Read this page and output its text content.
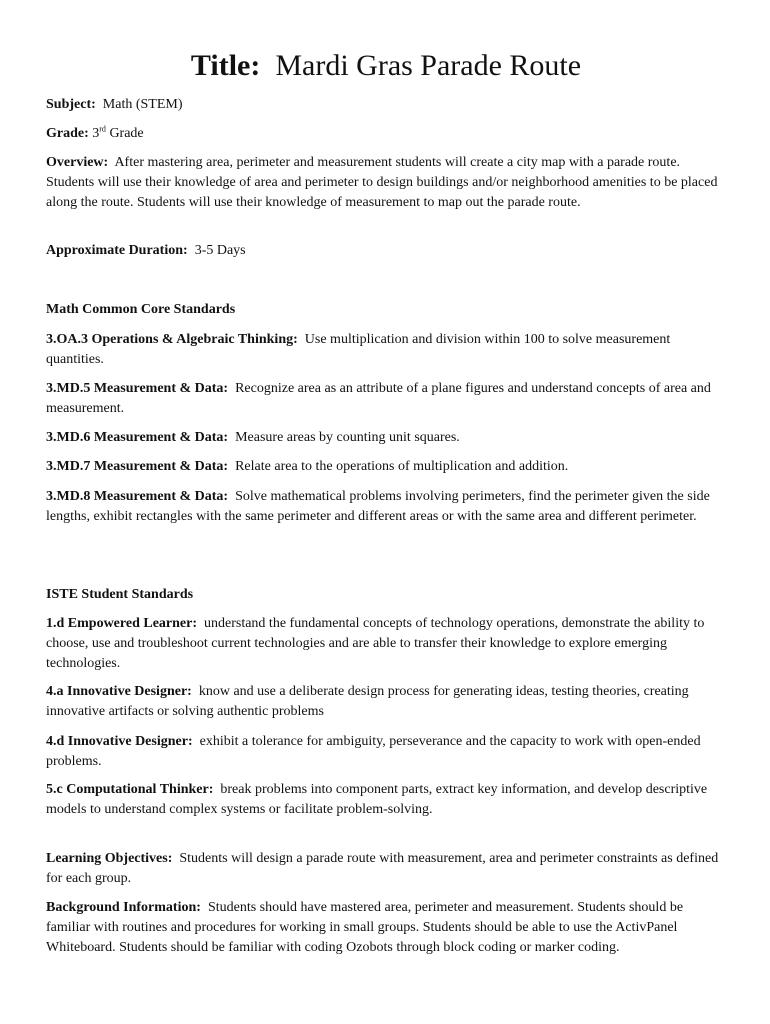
Title: Mardi Gras Parade Route

Subject: Math (STEM)

Grade: 3rd Grade

Overview: After mastering area, perimeter and measurement students will create a city map with a parade route. Students will use their knowledge of area and perimeter to design buildings and/or neighborhood amenities to be placed along the route. Students will use their knowledge of measurement to map out the parade route.

Approximate Duration: 3-5 Days

Math Common Core Standards

3.OA.3 Operations & Algebraic Thinking: Use multiplication and division within 100 to solve measurement quantities.

3.MD.5 Measurement & Data: Recognize area as an attribute of a plane figures and understand concepts of area and measurement.

3.MD.6 Measurement & Data: Measure areas by counting unit squares.

3.MD.7 Measurement & Data: Relate area to the operations of multiplication and addition.

3.MD.8 Measurement & Data: Solve mathematical problems involving perimeters, find the perimeter given the side lengths, exhibit rectangles with the same perimeter and different areas or with the same area and different perimeter.

ISTE Student Standards

1.d Empowered Learner: understand the fundamental concepts of technology operations, demonstrate the ability to choose, use and troubleshoot current technologies and are able to transfer their knowledge to explore emerging technologies.

4.a Innovative Designer: know and use a deliberate design process for generating ideas, testing theories, creating innovative artifacts or solving authentic problems

4.d Innovative Designer: exhibit a tolerance for ambiguity, perseverance and the capacity to work with open-ended problems.

5.c Computational Thinker: break problems into component parts, extract key information, and develop descriptive models to understand complex systems or facilitate problem-solving.

Learning Objectives: Students will design a parade route with measurement, area and perimeter constraints as defined for each group.

Background Information: Students should have mastered area, perimeter and measurement. Students should be familiar with routines and procedures for working in small groups. Students should be able to use the ActivPanel Whiteboard. Students should be familiar with coding Ozobots through block coding or marker coding.
